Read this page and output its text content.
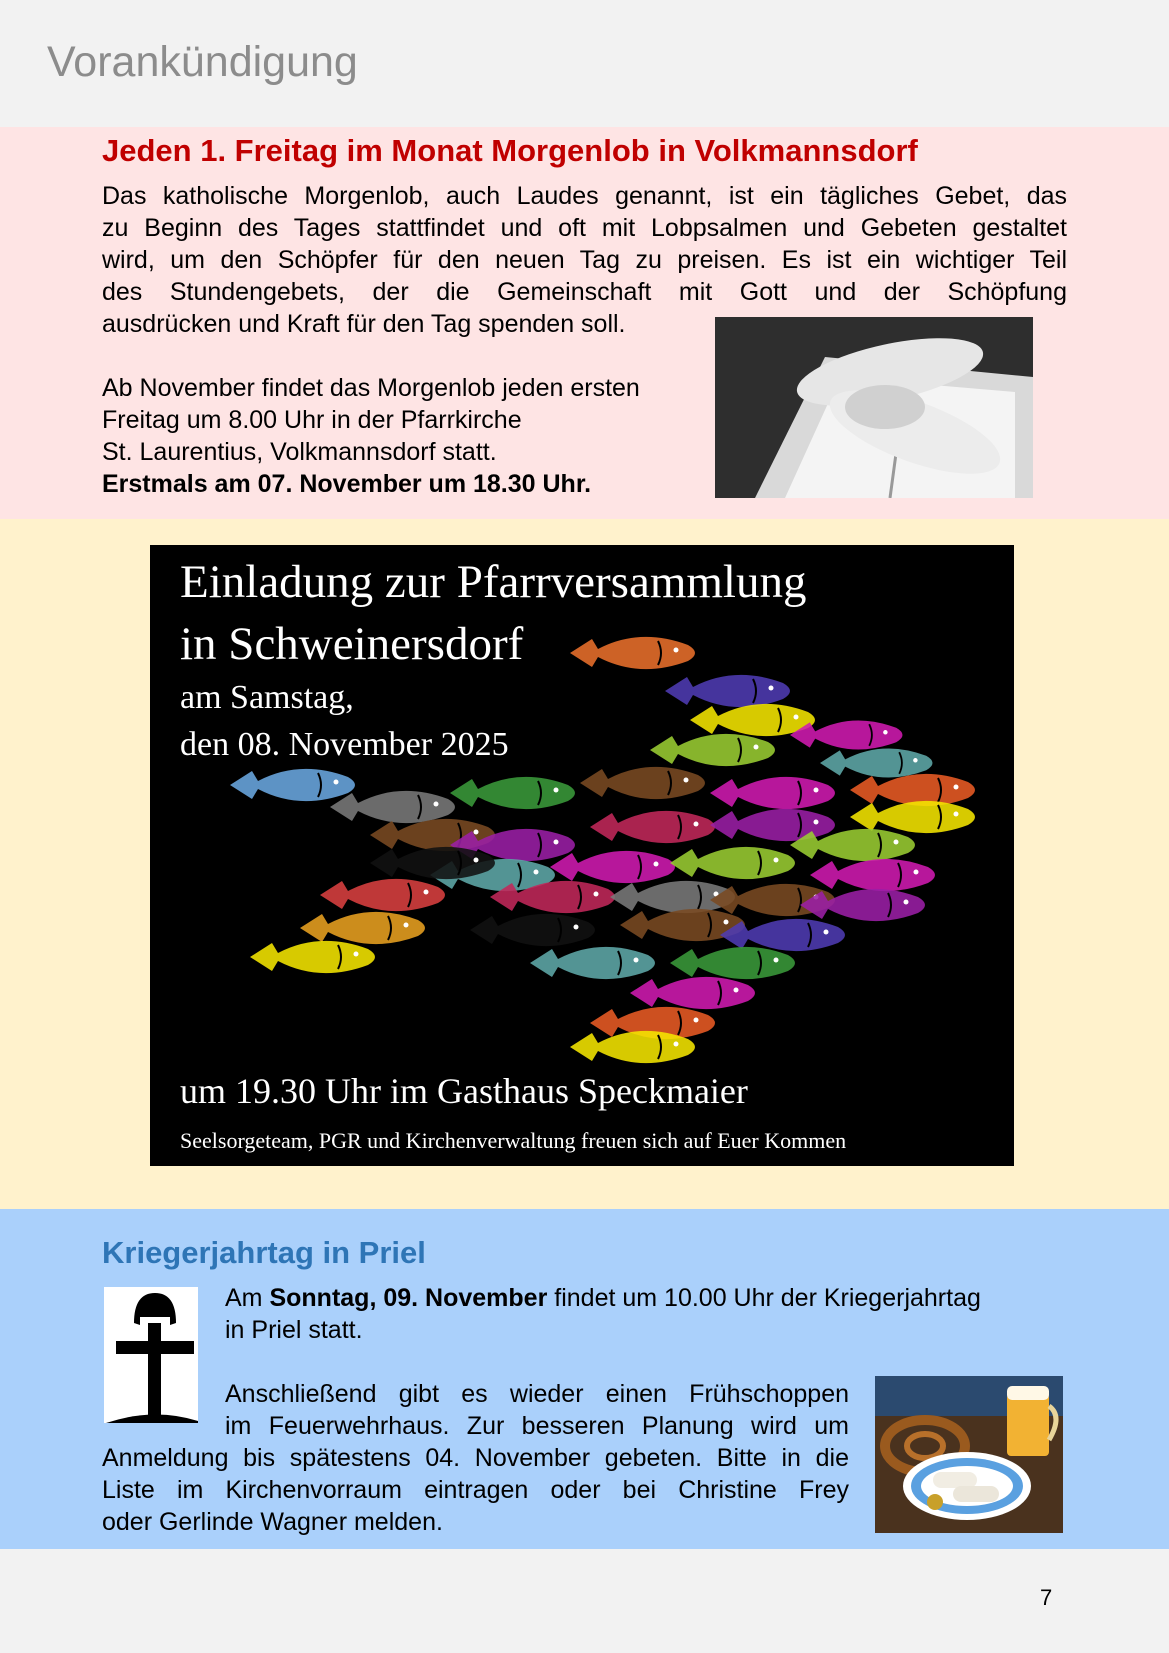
Vorankündigung
Jeden 1. Freitag im Monat Morgenlob in Volkmannsdorf
Das katholische Morgenlob, auch Laudes genannt, ist ein tägliches Gebet, das
zu Beginn des Tages stattfindet und oft mit Lobpsalmen und Gebeten gestaltet
wird, um den Schöpfer für den neuen Tag zu preisen. Es ist ein wichtiger Teil
des Stundengebets, der die Gemeinschaft mit Gott und der Schöpfung
ausdrücken und Kraft für den Tag spenden soll.
Ab November findet das Morgenlob jeden ersten
Freitag um 8.00 Uhr in der Pfarrkirche
St. Laurentius, Volkmannsdorf statt.
Erstmals am 07. November um 18.30 Uhr.
Einladung zur Pfarrversammlung
in Schweinersdorf
am Samstag,
den 08. November 2025
um 19.30 Uhr im Gasthaus Speckmaier
Seelsorgeteam, PGR und Kirchenverwaltung freuen sich auf Euer Kommen
Kriegerjahrtag in Priel
Am Sonntag, 09. November findet um 10.00 Uhr der Kriegerjahrtag
in Priel statt.
Anschließend gibt es wieder einen Frühschoppen
im Feuerwehrhaus. Zur besseren Planung wird um
Anmeldung bis spätestens 04. November gebeten. Bitte in die
Liste im Kirchenvorraum eintragen oder bei Christine Frey
oder Gerlinde Wagner melden.
7
